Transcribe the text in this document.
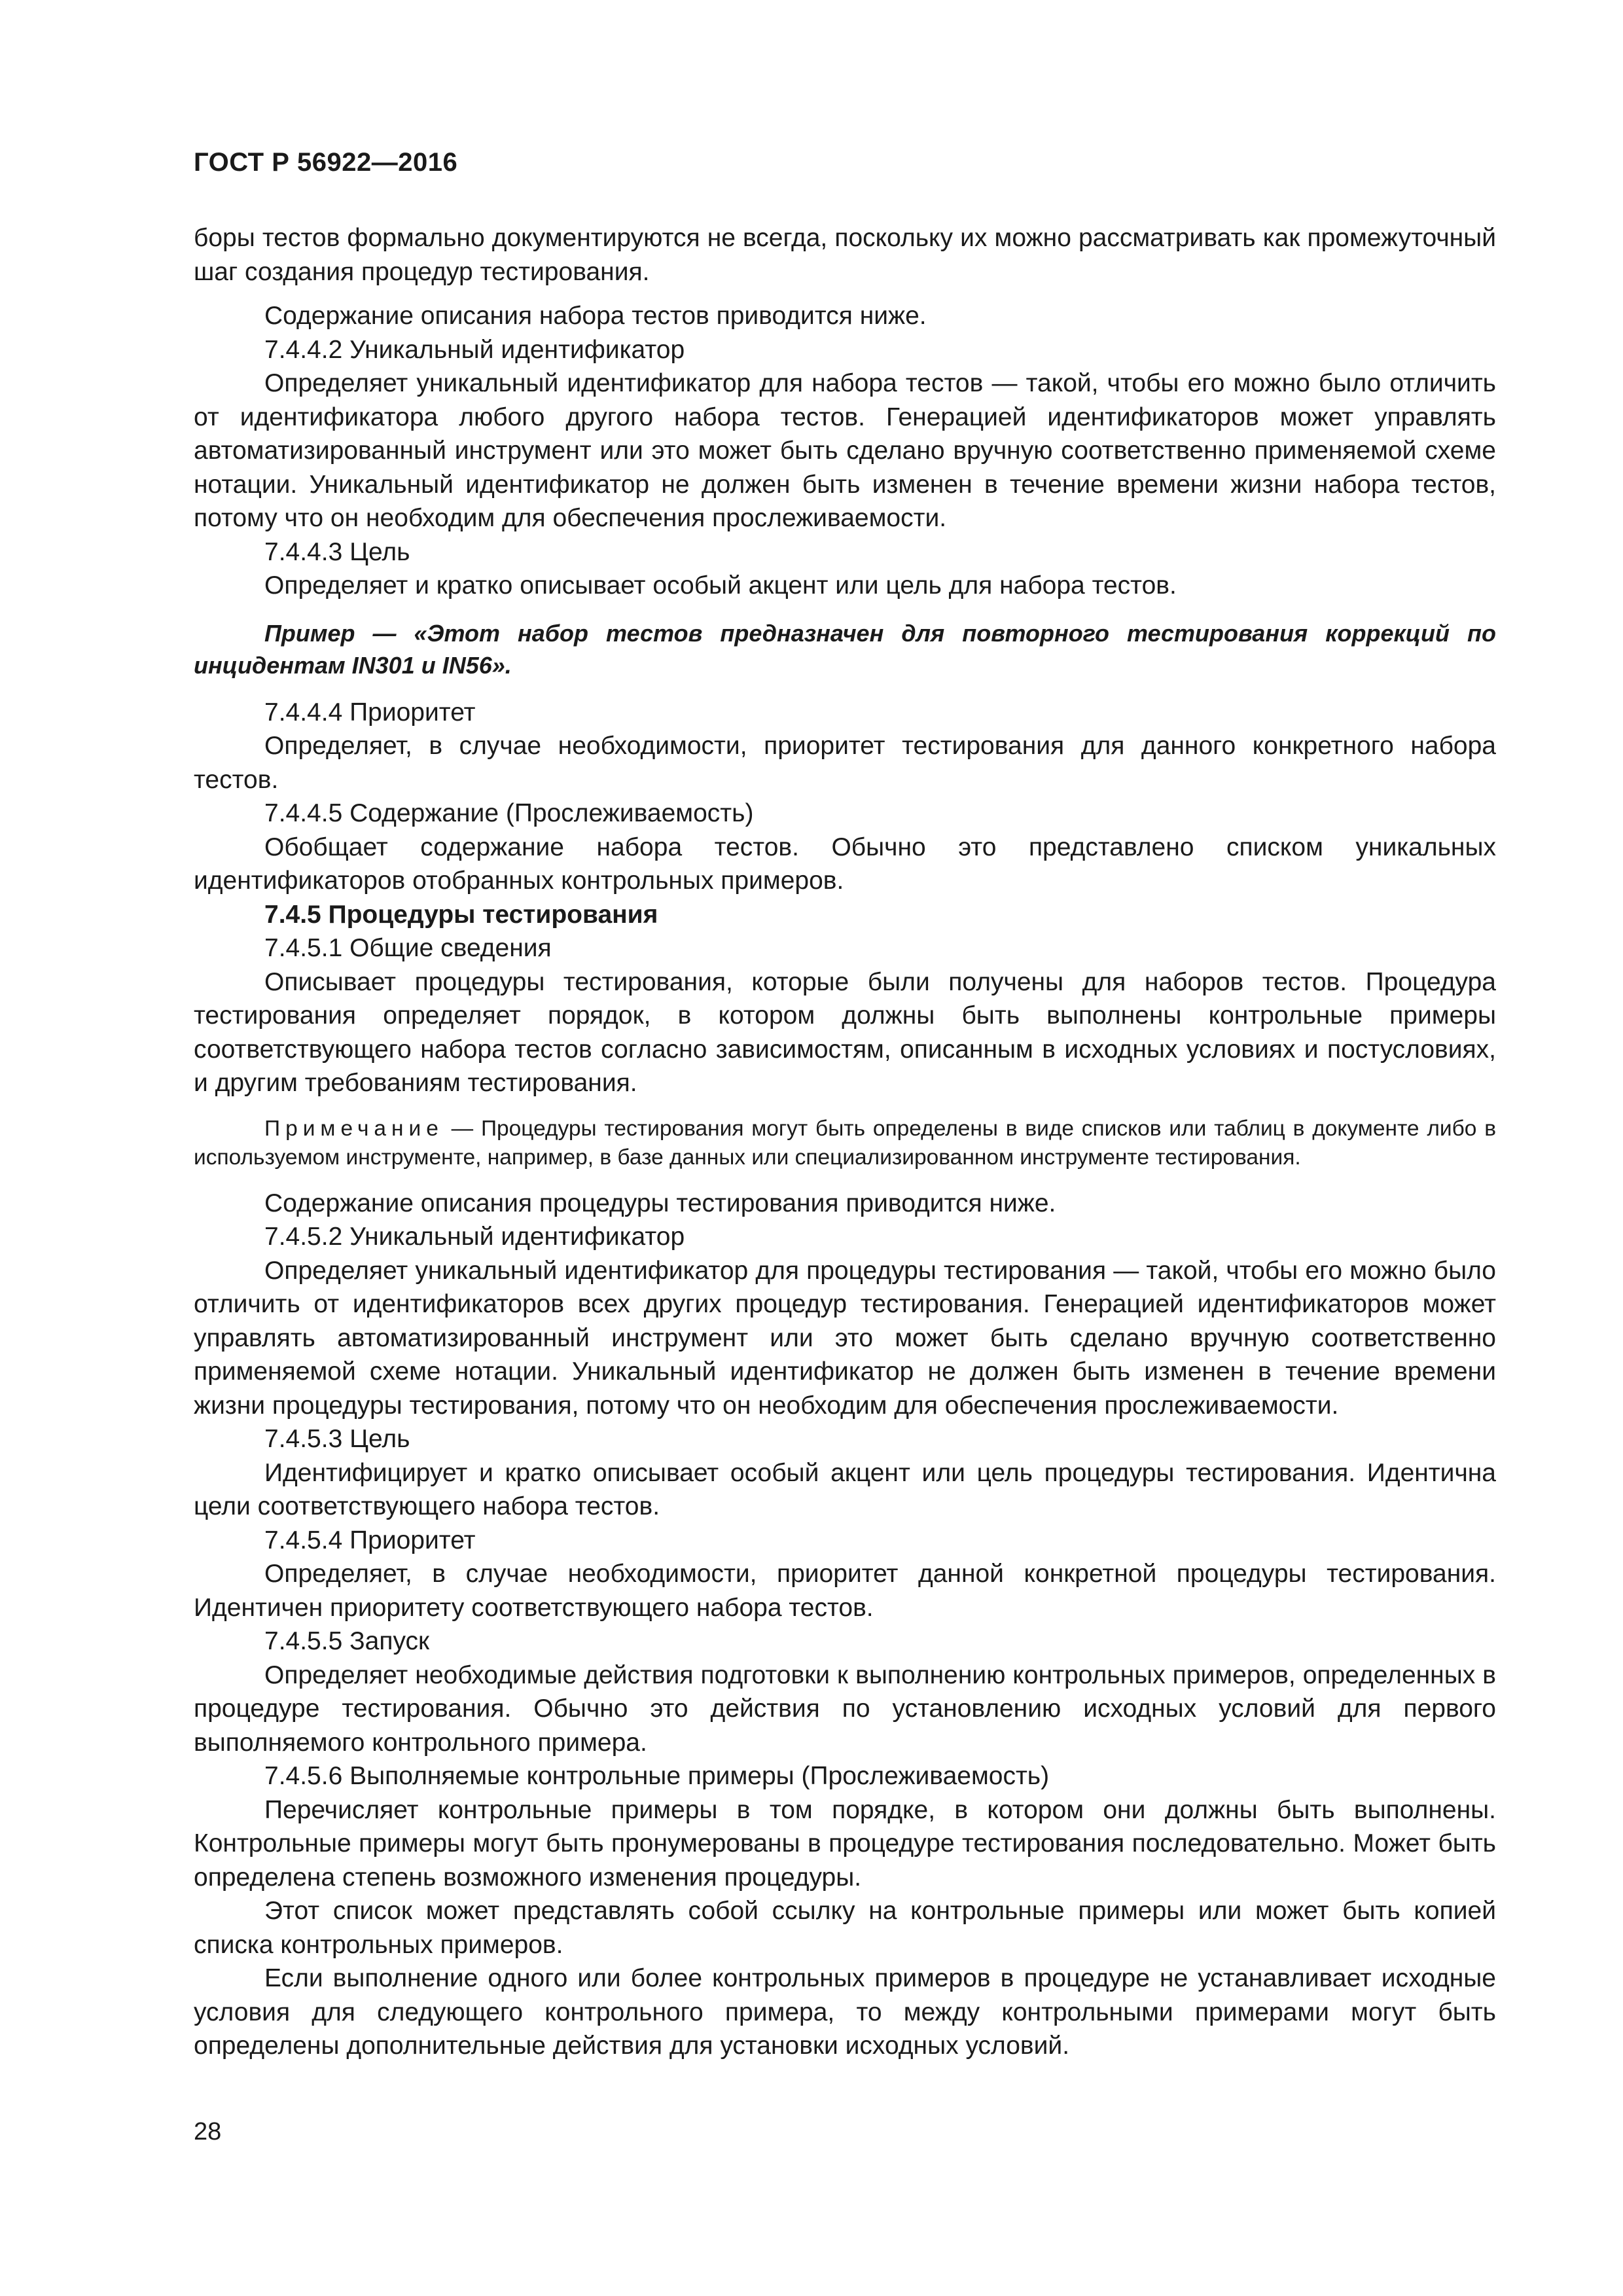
ГОСТ Р 56922—2016

боры тестов формально документируются не всегда, поскольку их можно рассматривать как промежуточный шаг создания процедур тестирования.

Содержание описания набора тестов приводится ниже.

7.4.4.2 Уникальный идентификатор

Определяет уникальный идентификатор для набора тестов — такой, чтобы его можно было отличить от идентификатора любого другого набора тестов. Генерацией идентификаторов может управлять автоматизированный инструмент или это может быть сделано вручную соответственно применяемой схеме нотации. Уникальный идентификатор не должен быть изменен в течение времени жизни набора тестов, потому что он необходим для обеспечения прослеживаемости.

7.4.4.3 Цель

Определяет и кратко описывает особый акцент или цель для набора тестов.

Пример — «Этот набор тестов предназначен для повторного тестирования коррекций по инцидентам IN301 и IN56».

7.4.4.4 Приоритет

Определяет, в случае необходимости, приоритет тестирования для данного конкретного набора тестов.

7.4.4.5 Содержание (Прослеживаемость)

Обобщает содержание набора тестов. Обычно это представлено списком уникальных идентификаторов отобранных контрольных примеров.

7.4.5 Процедуры тестирования

7.4.5.1 Общие сведения

Описывает процедуры тестирования, которые были получены для наборов тестов. Процедура тестирования определяет порядок, в котором должны быть выполнены контрольные примеры соответствующего набора тестов согласно зависимостям, описанным в исходных условиях и постусловиях, и другим требованиям тестирования.

Примечание — Процедуры тестирования могут быть определены в виде списков или таблиц в документе либо в используемом инструменте, например, в базе данных или специализированном инструменте тестирования.

Содержание описания процедуры тестирования приводится ниже.

7.4.5.2 Уникальный идентификатор

Определяет уникальный идентификатор для процедуры тестирования — такой, чтобы его можно было отличить от идентификаторов всех других процедур тестирования. Генерацией идентификаторов может управлять автоматизированный инструмент или это может быть сделано вручную соответственно применяемой схеме нотации. Уникальный идентификатор не должен быть изменен в течение времени жизни процедуры тестирования, потому что он необходим для обеспечения прослеживаемости.

7.4.5.3 Цель

Идентифицирует и кратко описывает особый акцент или цель процедуры тестирования. Идентична цели соответствующего набора тестов.

7.4.5.4 Приоритет

Определяет, в случае необходимости, приоритет данной конкретной процедуры тестирования. Идентичен приоритету соответствующего набора тестов.

7.4.5.5 Запуск

Определяет необходимые действия подготовки к выполнению контрольных примеров, определенных в процедуре тестирования. Обычно это действия по установлению исходных условий для первого выполняемого контрольного примера.

7.4.5.6 Выполняемые контрольные примеры (Прослеживаемость)

Перечисляет контрольные примеры в том порядке, в котором они должны быть выполнены. Контрольные примеры могут быть пронумерованы в процедуре тестирования последовательно. Может быть определена степень возможного изменения процедуры.

Этот список может представлять собой ссылку на контрольные примеры или может быть копией списка контрольных примеров.

Если выполнение одного или более контрольных примеров в процедуре не устанавливает исходные условия для следующего контрольного примера, то между контрольными примерами могут быть определены дополнительные действия для установки исходных условий.

28
